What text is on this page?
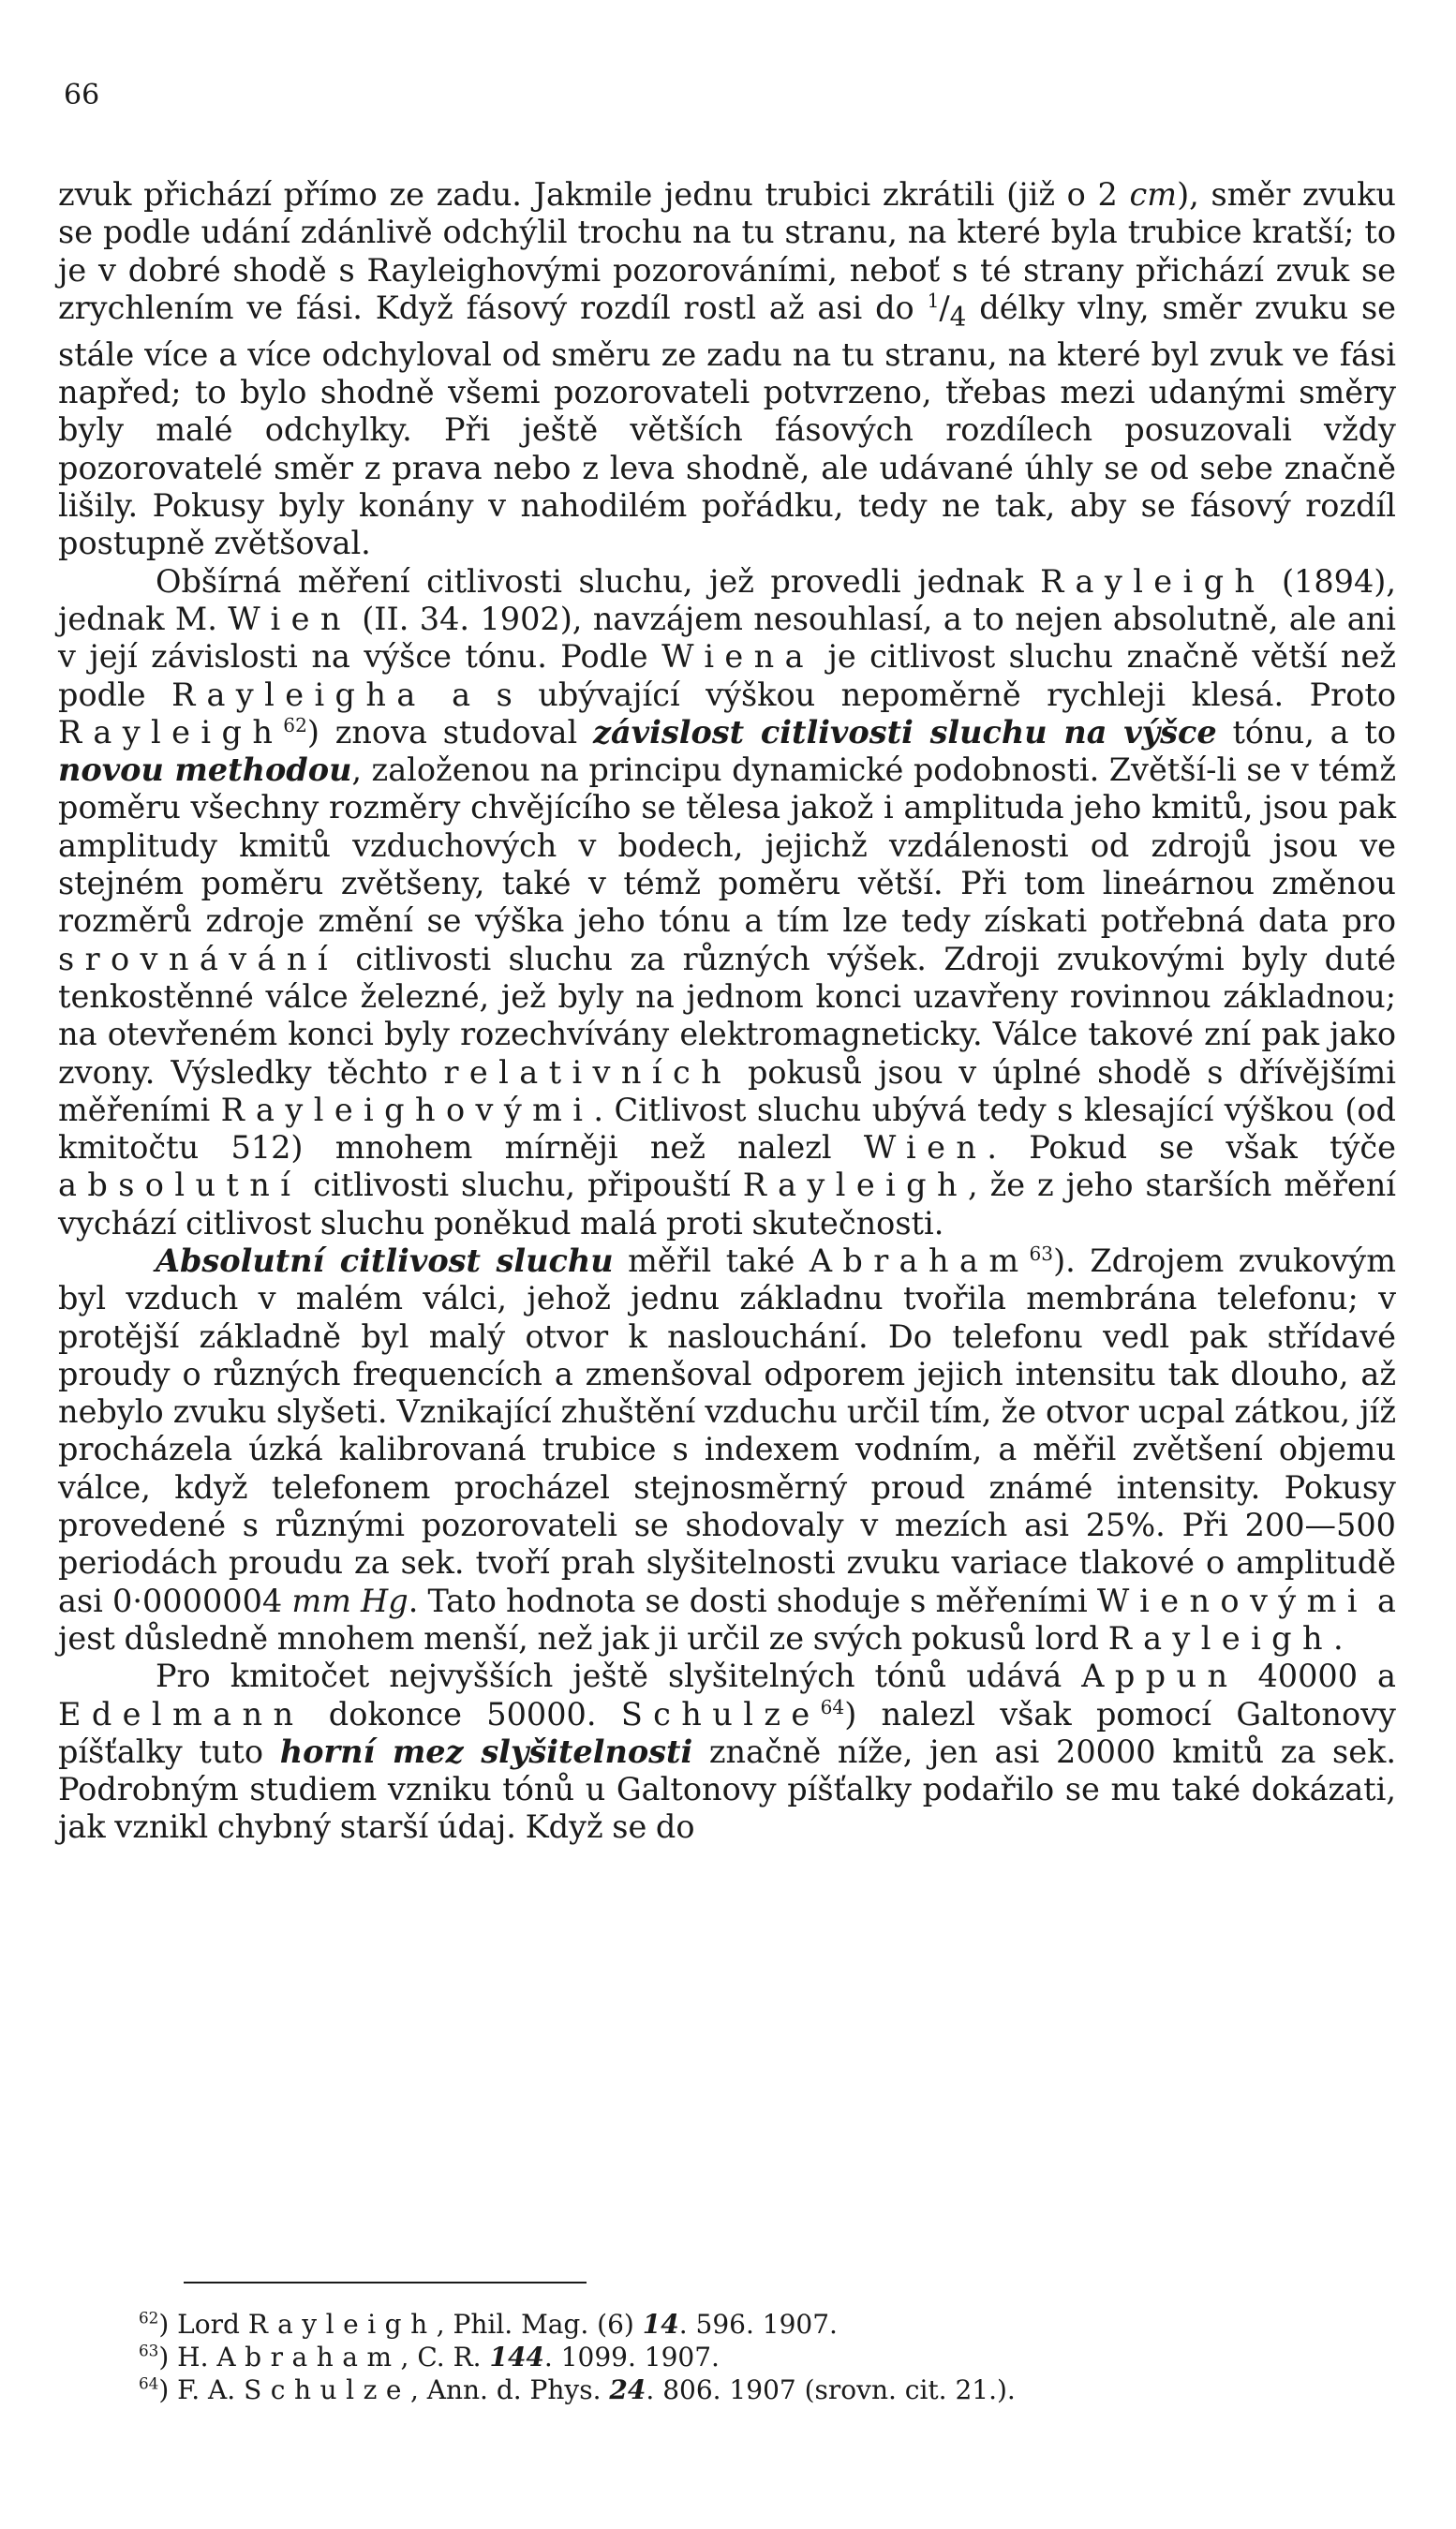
66

zvuk přichází přímo ze zadu. Jakmile jednu trubici zkrátili (již o 2 cm), směr zvuku se podle udání zdánlivě odchýlil trochu na tu stranu, na které byla trubice kratší; to je v dobré shodě s Rayleighovými pozorováními, neboť s té strany přichází zvuk se zrychlením ve fási. Když fásový rozdíl rostl až asi do $^1/_4$ délky vlny, směr zvuku se stále více a více odchyloval od směru ze zadu na tu stranu, na které byl zvuk ve fási napřed; to bylo shodně všemi pozorovateli potvrzeno, třebas mezi udanými směry byly malé odchylky. Při ještě větších fásových rozdílech posuzovali vždy pozorovatelé směr z prava nebo z leva shodně, ale udávané úhly se od sebe značně lišily. Pokusy byly konány v nahodilém pořádku, tedy ne tak, aby se fásový rozdíl postupně zvětšoval.

Obšírná měření citlivosti sluchu, jež provedli jednak Rayleigh (1894), jednak M. Wien (II. 34. 1902), navzájem nesouhlasí, a to nejen absolutně, ale ani v její závislosti na výšce tónu. Podle Wiena je citlivost sluchu značně větší než podle Rayleigha a s ubývající výškou nepoměrně rychleji klesá. Proto Rayleigh$^{62}$) znova studoval závislost citlivosti sluchu na výšce tónu, a to novou methodou, založenou na principu dynamické podobnosti. Zvětší-li se v témž poměru všechny rozměry chvějícího se tělesa jakož i amplituda jeho kmitů, jsou pak amplitudy kmitů vzduchových v bodech, jejichž vzdálenosti od zdrojů jsou ve stejném poměru zvětšeny, také v témž poměru větší. Při tom lineárnou změnou rozměrů zdroje změní se výška jeho tónu a tím lze tedy získati potřebná data pro srovnávání citlivosti sluchu za různých výšek. Zdroji zvukovými byly duté tenkostěnné válce železné, jež byly na jednom konci uzavřeny rovinnou základnou; na otevřeném konci byly rozechvívány elektromagneticky. Válce takové zní pak jako zvony. Výsledky těchto relativních pokusů jsou v úplné shodě s dřívějšími měřeními Rayleighovými. Citlivost sluchu ubývá tedy s klesající výškou (od kmitočtu 512) mnohem mírněji než nalezl Wien. Pokud se však týče absolutní citlivosti sluchu, připouští Rayleigh, že z jeho starších měření vychází citlivost sluchu poněkud malá proti skutečnosti.

Absolutní citlivost sluchu měřil také Abraham$^{63}$). Zdrojem zvukovým byl vzduch v malém válci, jehož jednu základnu tvořila membrána telefonu; v protější základně byl malý otvor k naslouchání. Do telefonu vedl pak střídavé proudy o různých frequencích a zmenšoval odporem jejich intensitu tak dlouho, až nebylo zvuku slyšeti. Vznikající zhuštění vzduchu určil tím, že otvor ucpal zátkou, jíž procházela úzká kalibrovaná trubice s indexem vodním, a měřil zvětšení objemu válce, když telefonem procházel stejnosměrný proud známé intensity. Pokusy provedené s různými pozorovateli se shodovaly v mezích asi 25%. Při 200—500 periodách proudu za sek. tvoří prah slyšitelnosti zvuku variace tlakové o amplitudě asi 0·0000004 mm Hg. Tato hodnota se dosti shoduje s měřeními Wienovými a jest důsledně mnohem menší, než jak ji určil ze svých pokusů lord Rayleigh.

Pro kmitočet nejvyšších ještě slyšitelných tónů udává Appun 40000 a Edelmann dokonce 50000. Schulze$^{64}$) nalezl však pomocí Galtonovy píšťalky tuto horní mez slyšitelnosti značně níže, jen asi 20000 kmitů za sek. Podrobným studiem vzniku tónů u Galtonovy píšťalky podařilo se mu také dokázati, jak vznikl chybný starší údaj. Když se do

$^{62}$) Lord Rayleigh, Phil. Mag. (6) 14. 596. 1907.
$^{63}$) H. Abraham, C. R. 144. 1099. 1907.
$^{64}$) F. A. Schulze, Ann. d. Phys. 24. 806. 1907 (srovn. cit. 21.).
